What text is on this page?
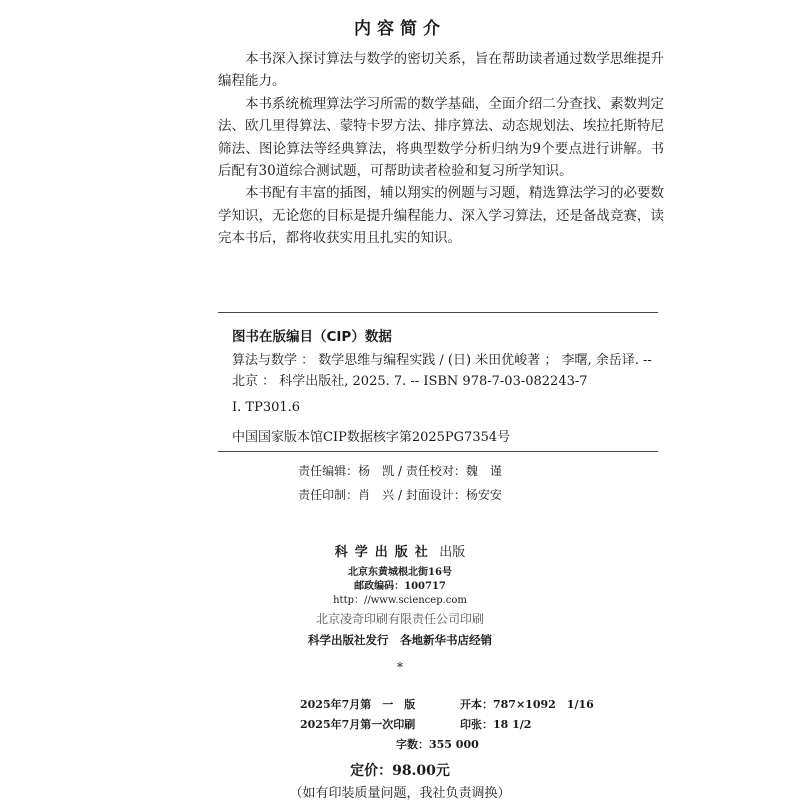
内容简介

本书深入探讨算法与数学的密切关系，旨在帮助读者通过数学思维提升编程能力。

本书系统梳理算法学习所需的数学基础，全面介绍二分查找、素数判定法、欧几里得算法、蒙特卡罗方法、排序算法、动态规划法、埃拉托斯特尼筛法、图论算法等经典算法，将典型数学分析归纳为9个要点进行讲解。书后配有30道综合测试题，可帮助读者检验和复习所学知识。

本书配有丰富的插图，辅以翔实的例题与习题，精选算法学习的必要数学知识，无论您的目标是提升编程能力、深入学习算法，还是备战竞赛，读完本书后，都将收获实用且扎实的知识。

图书在版编目（CIP）数据
算法与数学 ： 数学思维与编程实践 / (日) 米田优峻著 ； 李曙, 余岳译. -- 北京 ： 科学出版社, 2025. 7. -- ISBN 978-7-03-082243-7
Ⅰ. TP301.6
中国国家版本馆CIP数据核字第2025PG7354号
责任编辑：杨　凯 / 责任校对：魏　谨
责任印制：肖　兴 / 封面设计：杨安安
科学出版社 出版
北京东黄城根北街16号
邮政编码：100717
http：//www.sciencep.com
北京凌奇印刷有限责任公司印刷
科学出版社发行　各地新华书店经销
*
2025年7月第　一　版
2025年7月第一次印刷
字数：355 000
开本：787×1092　1/16
印张：18 1/2
定价：98.00元
（如有印装质量问题，我社负责调换）
